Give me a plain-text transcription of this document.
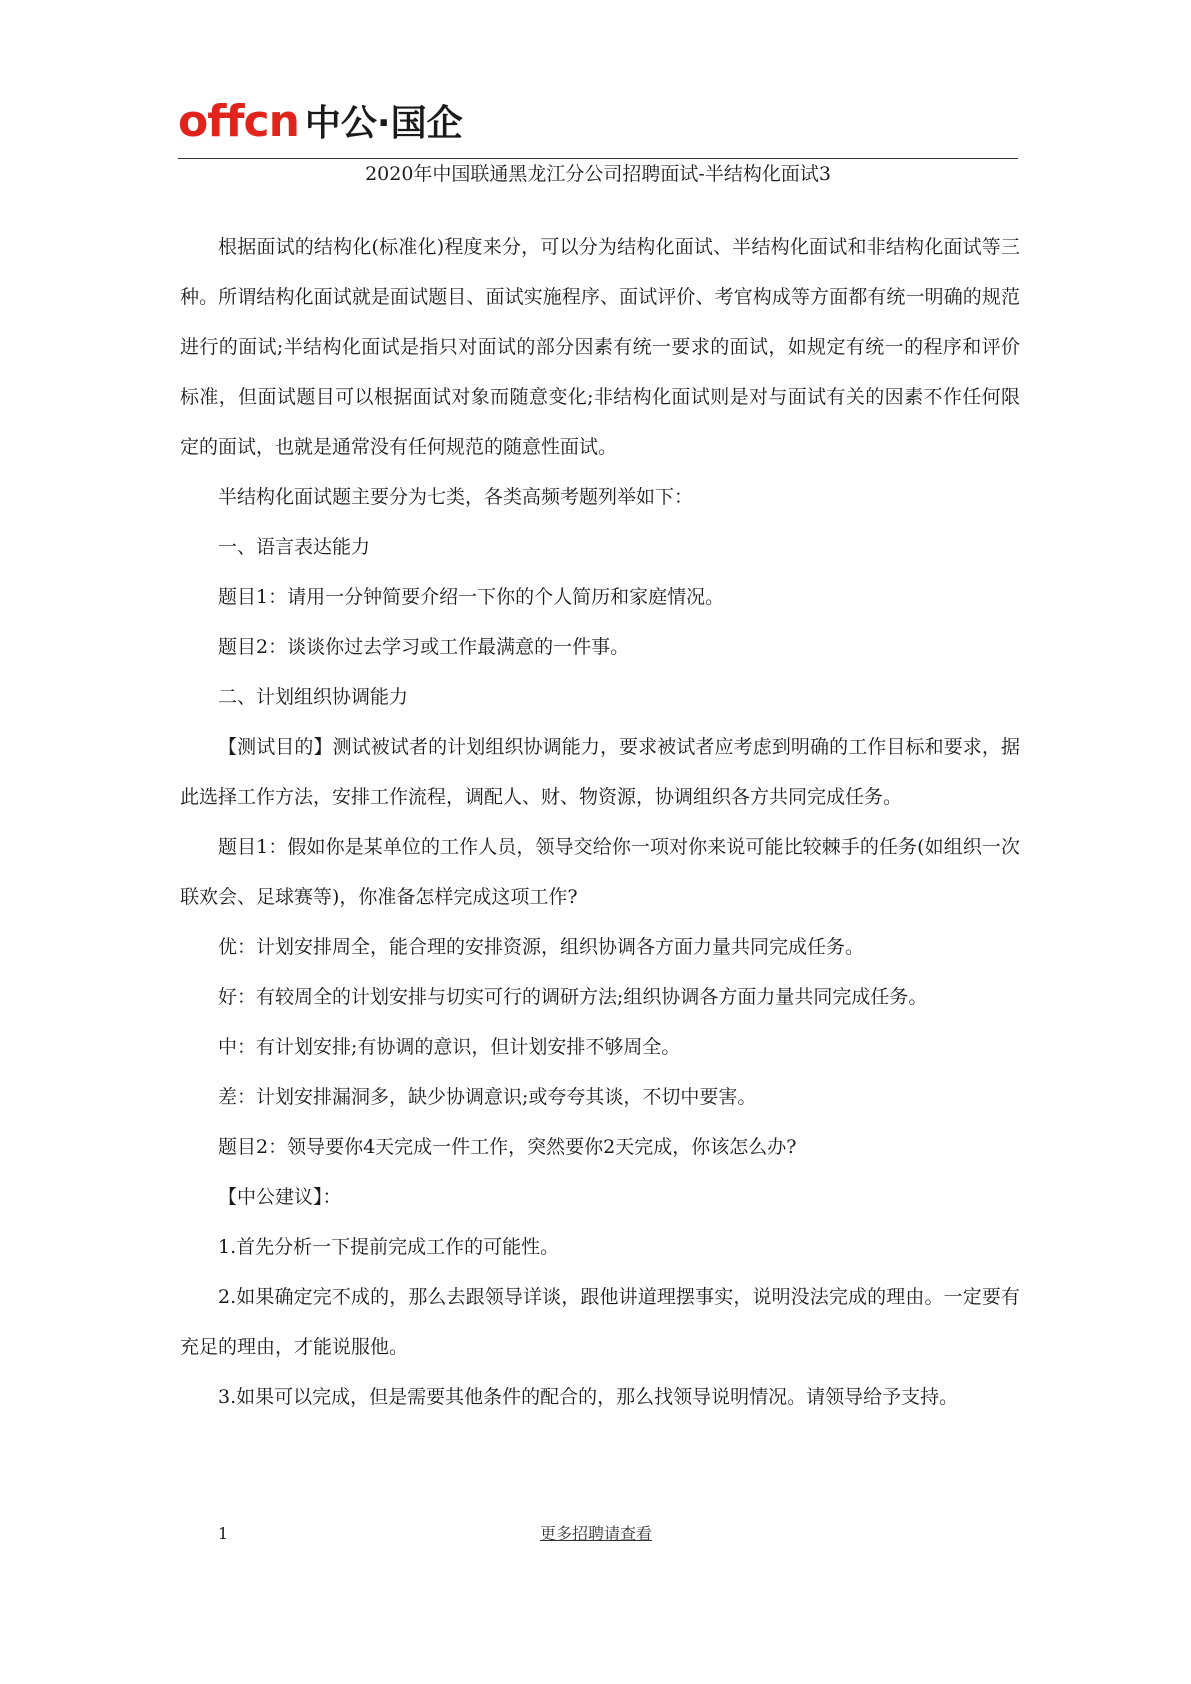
offcn 中公·国企
2020年中国联通黑龙江分公司招聘面试-半结构化面试3

根据面试的结构化(标准化)程度来分，可以分为结构化面试、半结构化面试和非结构化面试等三种。所谓结构化面试就是面试题目、面试实施程序、面试评价、考官构成等方面都有统一明确的规范进行的面试;半结构化面试是指只对面试的部分因素有统一要求的面试，如规定有统一的程序和评价标准，但面试题目可以根据面试对象而随意变化;非结构化面试则是对与面试有关的因素不作任何限定的面试，也就是通常没有任何规范的随意性面试。

半结构化面试题主要分为七类，各类高频考题列举如下：

一、语言表达能力

题目1：请用一分钟简要介绍一下你的个人简历和家庭情况。

题目2：谈谈你过去学习或工作最满意的一件事。

二、计划组织协调能力

【测试目的】测试被试者的计划组织协调能力，要求被试者应考虑到明确的工作目标和要求，据此选择工作方法，安排工作流程，调配人、财、物资源，协调组织各方共同完成任务。

题目1：假如你是某单位的工作人员，领导交给你一项对你来说可能比较棘手的任务(如组织一次联欢会、足球赛等)，你准备怎样完成这项工作?

优：计划安排周全，能合理的安排资源，组织协调各方面力量共同完成任务。

好：有较周全的计划安排与切实可行的调研方法;组织协调各方面力量共同完成任务。

中：有计划安排;有协调的意识，但计划安排不够周全。

差：计划安排漏洞多，缺少协调意识;或夸夸其谈，不切中要害。

题目2：领导要你4天完成一件工作，突然要你2天完成，你该怎么办?

【中公建议】：

1.首先分析一下提前完成工作的可能性。

2.如果确定完不成的，那么去跟领导详谈，跟他讲道理摆事实，说明没法完成的理由。一定要有充足的理由，才能说服他。

3.如果可以完成，但是需要其他条件的配合的，那么找领导说明情况。请领导给予支持。

1	更多招聘请查看
